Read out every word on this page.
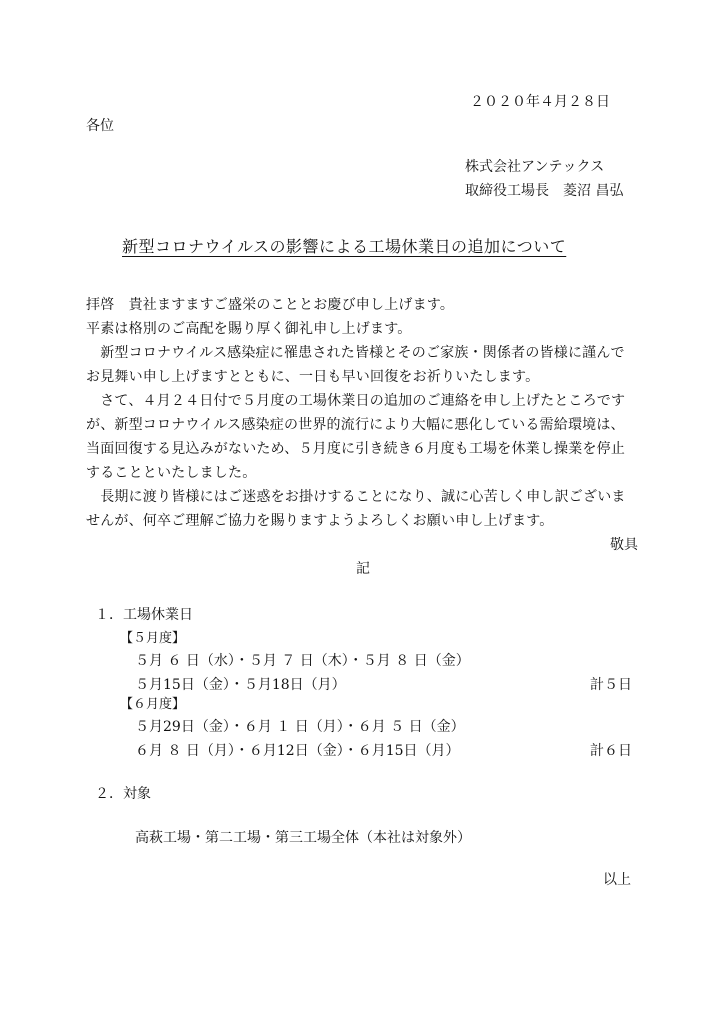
２０２０年４月２８日
各位
株式会社アンテックス
取締役工場長　菱沼 昌弘
新型コロナウイルスの影響による工場休業日の追加について
拝啓　貴社ますますご盛栄のこととお慶び申し上げます。
平素は格別のご高配を賜り厚く御礼申し上げます。
　新型コロナウイルス感染症に罹患された皆様とそのご家族・関係者の皆様に謹んで
お見舞い申し上げますとともに、一日も早い回復をお祈りいたします。
　さて、４月２４日付で５月度の工場休業日の追加のご連絡を申し上げたところです
が、新型コロナウイルス感染症の世界的流行により大幅に悪化している需給環境は、
当面回復する見込みがないため、５月度に引き続き６月度も工場を休業し操業を停止
することといたしました。
　長期に渡り皆様にはご迷惑をお掛けすることになり、誠に心苦しく申し訳ございま
せんが、何卒ご理解ご協力を賜りますようよろしくお願い申し上げます。
敬具
記
１．工場休業日
【５月度】
５月 ６ 日（水）・５月 ７ 日（木）・５月 ８ 日（金）
５月15日（金）・５月18日（月）	計５日
【６月度】
５月29日（金）・６月 １ 日（月）・６月 ５ 日（金）
６月 ８ 日（月）・６月12日（金）・６月15日（月）	計６日
２．対象
高萩工場・第二工場・第三工場全体（本社は対象外）
以上
